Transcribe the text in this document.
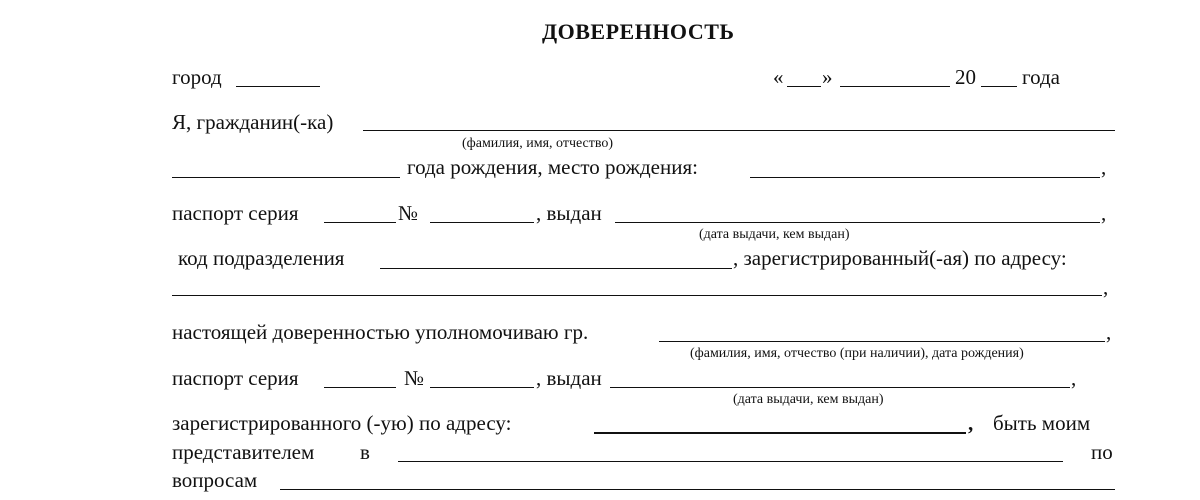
ДОВЕРЕННОСТЬ
город	« »	20 года
Я, гражданин(-ка)
(фамилия, имя, отчество)
года рождения, место рождения:	,
паспорт серия	№	, выдан	,
(дата выдачи, кем выдан)
код подразделения	, зарегистрированный(-ая) по адресу:
,
настоящей доверенностью уполномочиваю гр.	,
(фамилия, имя, отчество (при наличии), дата рождения)
паспорт серия	№	, выдан	,
(дата выдачи, кем выдан)
зарегистрированного (-ую) по адресу:	, быть моим
представителем в	по
вопросам
